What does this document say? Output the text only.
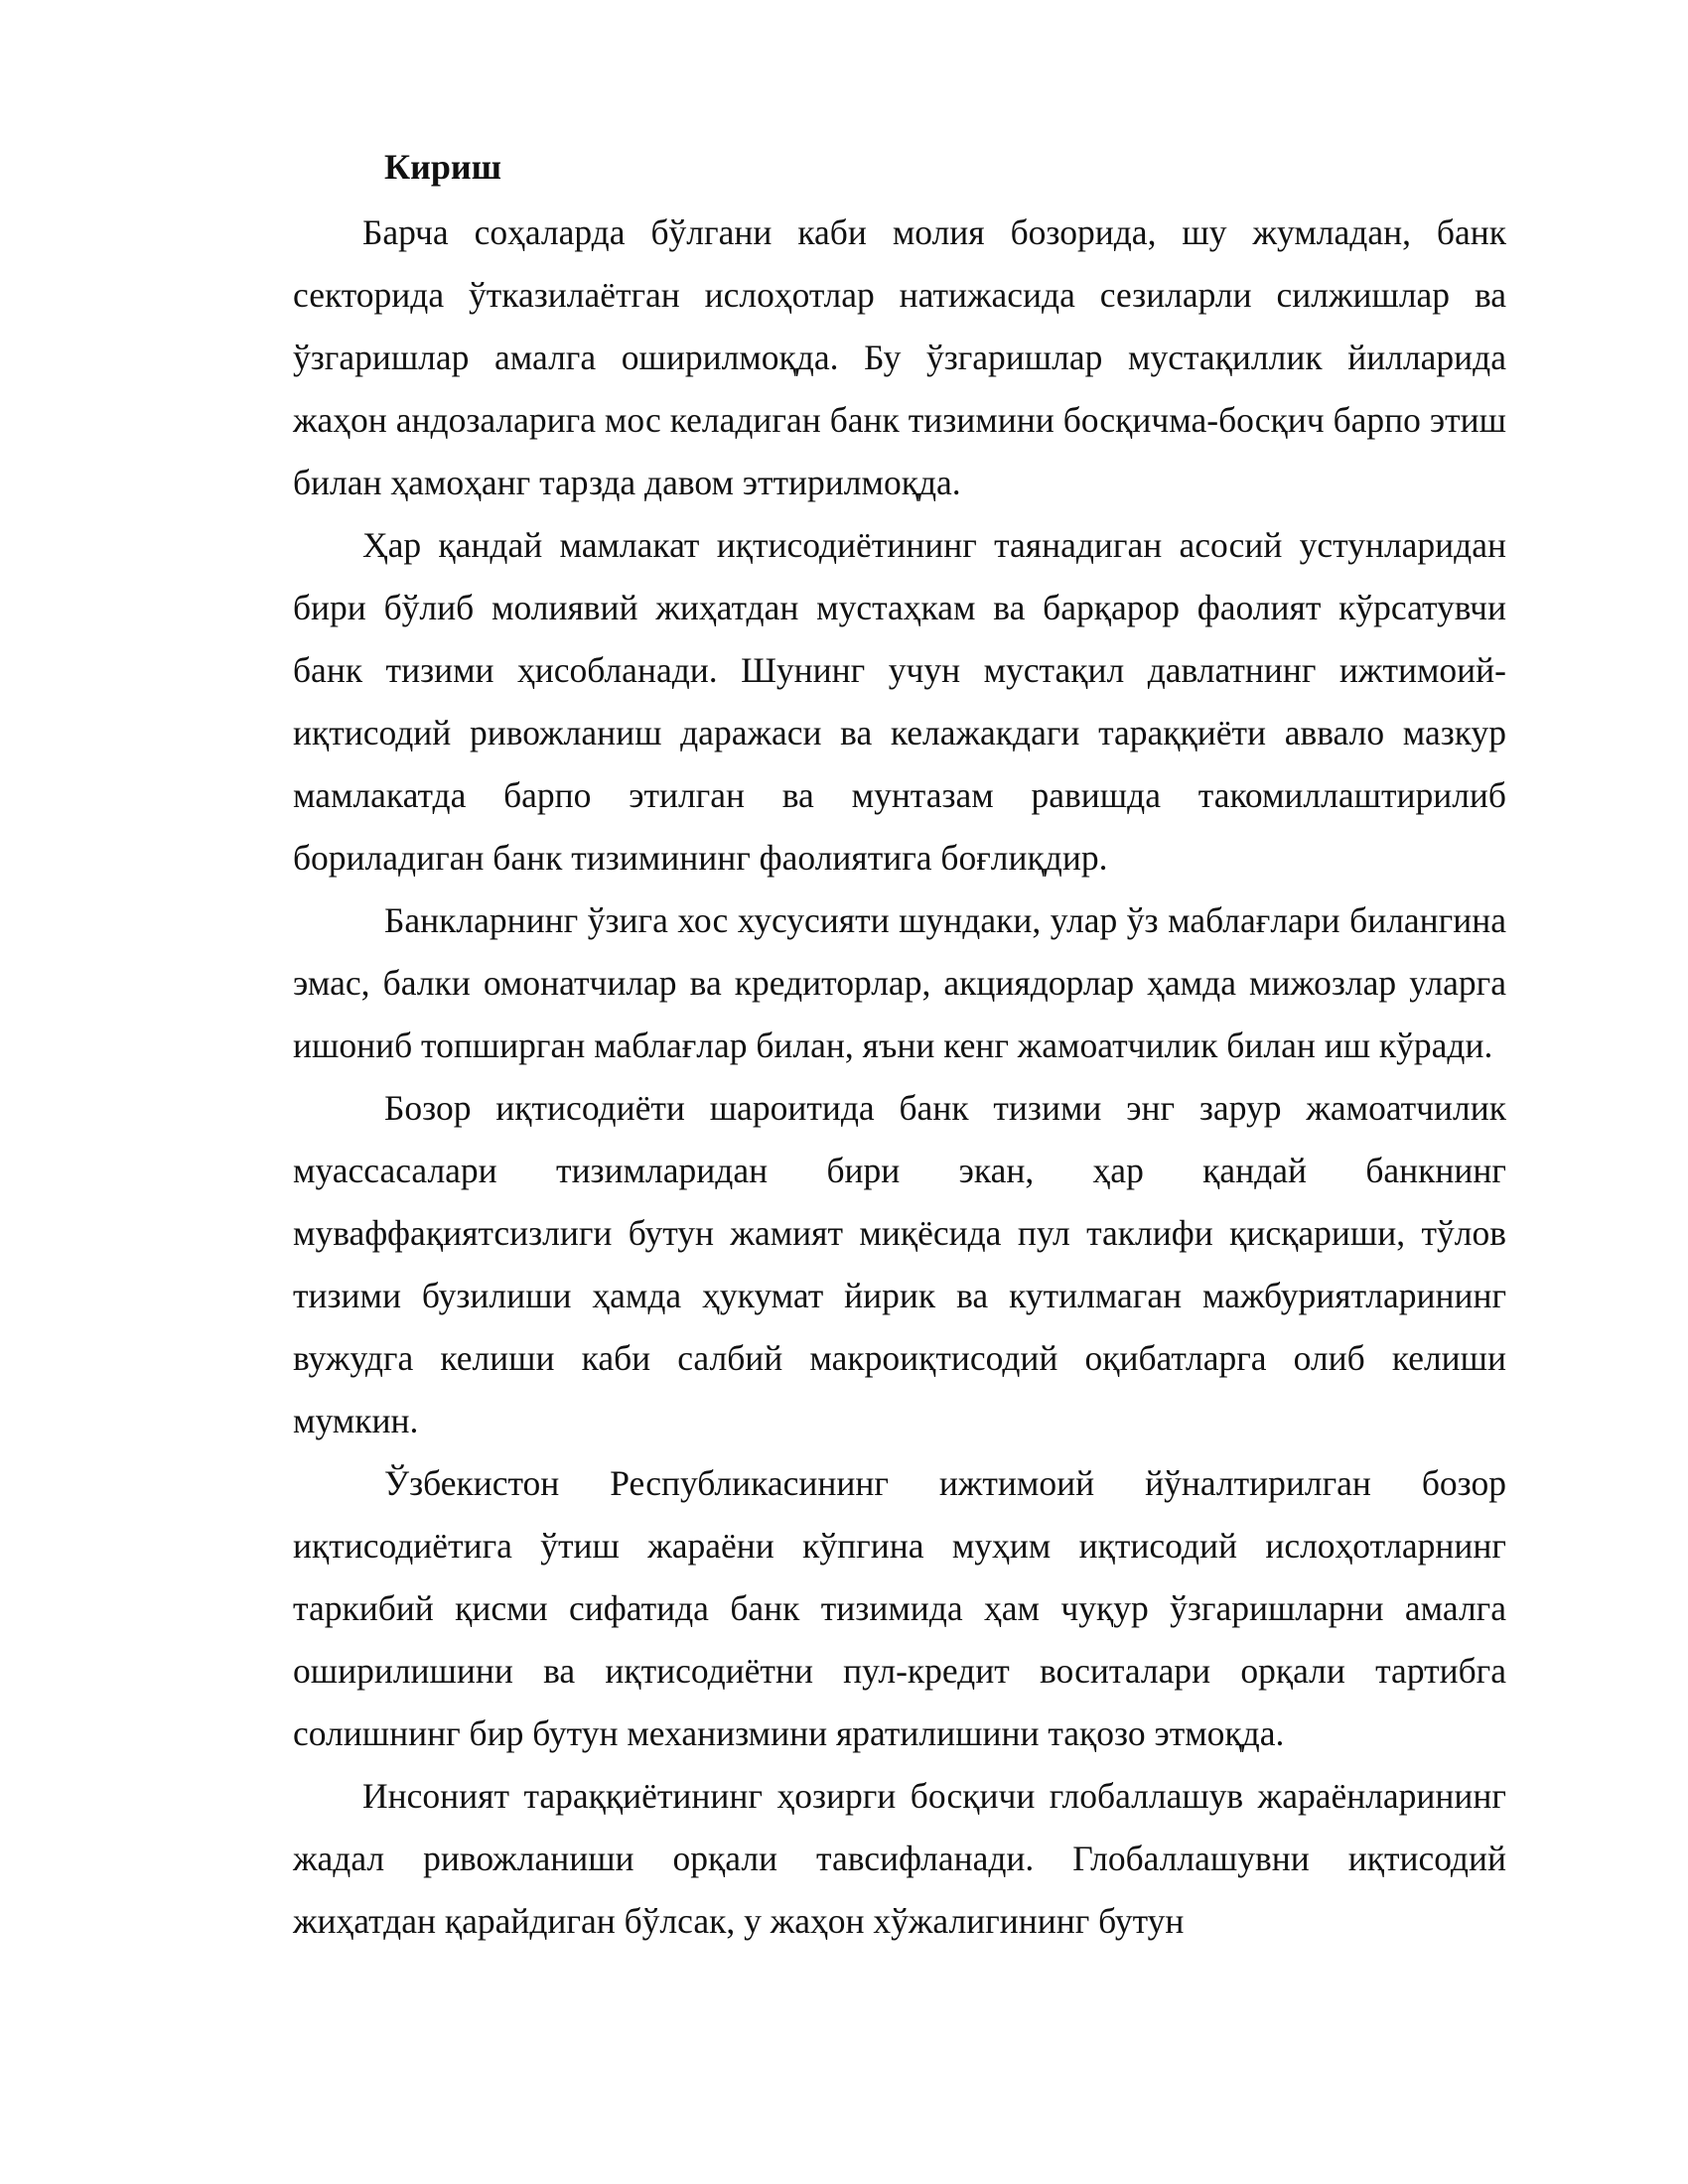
Кириш

Барча соҳаларда бўлгани каби молия бозорида, шу жумладан, банк секторида ўтказилаётган ислоҳотлар натижасида сезиларли силжишлар ва ўзгаришлар амалга оширилмоқда. Бу ўзгаришлар мустақиллик йилларида жаҳон андозаларига мос келадиган банк тизимини босқичма-босқич барпо этиш билан ҳамоҳанг тарзда давом эттирилмоқда.

Ҳар қандай мамлакат иқтисодиётининг таянадиган асосий устунларидан бири бўлиб молиявий жиҳатдан мустаҳкам ва барқарор фаолият кўрсатувчи банк тизими ҳисобланади. Шунинг учун мустақил давлатнинг ижтимоий-иқтисодий ривожланиш даражаси ва келажакдаги тараққиёти аввало мазкур мамлакатда барпо этилган ва мунтазам равишда такомиллаштирилиб бориладиган банк тизимининг фаолиятига боғлиқдир.

Банкларнинг ўзига хос хусусияти шундаки, улар ўз маблағлари билангина эмас, балки омонатчилар ва кредиторлар, акциядорлар ҳамда мижозлар уларга ишониб топширган маблағлар билан, яъни кенг жамоатчилик билан иш кўради.

Бозор иқтисодиёти шароитида банк тизими энг зарур жамоатчилик муассасалари тизимларидан бири экан, ҳар қандай банкнинг муваффақиятсизлиги бутун жамият миқёсида пул таклифи қисқариши, тўлов тизими бузилиши ҳамда ҳукумат йирик ва кутилмаган мажбуриятларининг вужудга келиши каби салбий макроиқтисодий оқибатларга олиб келиши мумкин.

Ўзбекистон Республикасининг ижтимоий йўналтирилган бозор иқтисодиётига ўтиш жараёни кўпгина муҳим иқтисодий ислоҳотларнинг таркибий қисми сифатида банк тизимида ҳам чуқур ўзгаришларни амалга оширилишини ва иқтисодиётни пул-кредит воситалари орқали тартибга солишнинг бир бутун механизмини яратилишини тақозо этмоқда.

Инсоният тараққиётининг ҳозирги босқичи глобаллашув жараёнларининг жадал ривожланиши орқали тавсифланади. Глобаллашувни иқтисодий жиҳатдан қарайдиган бўлсак, у жаҳон хўжалигининг бутун
